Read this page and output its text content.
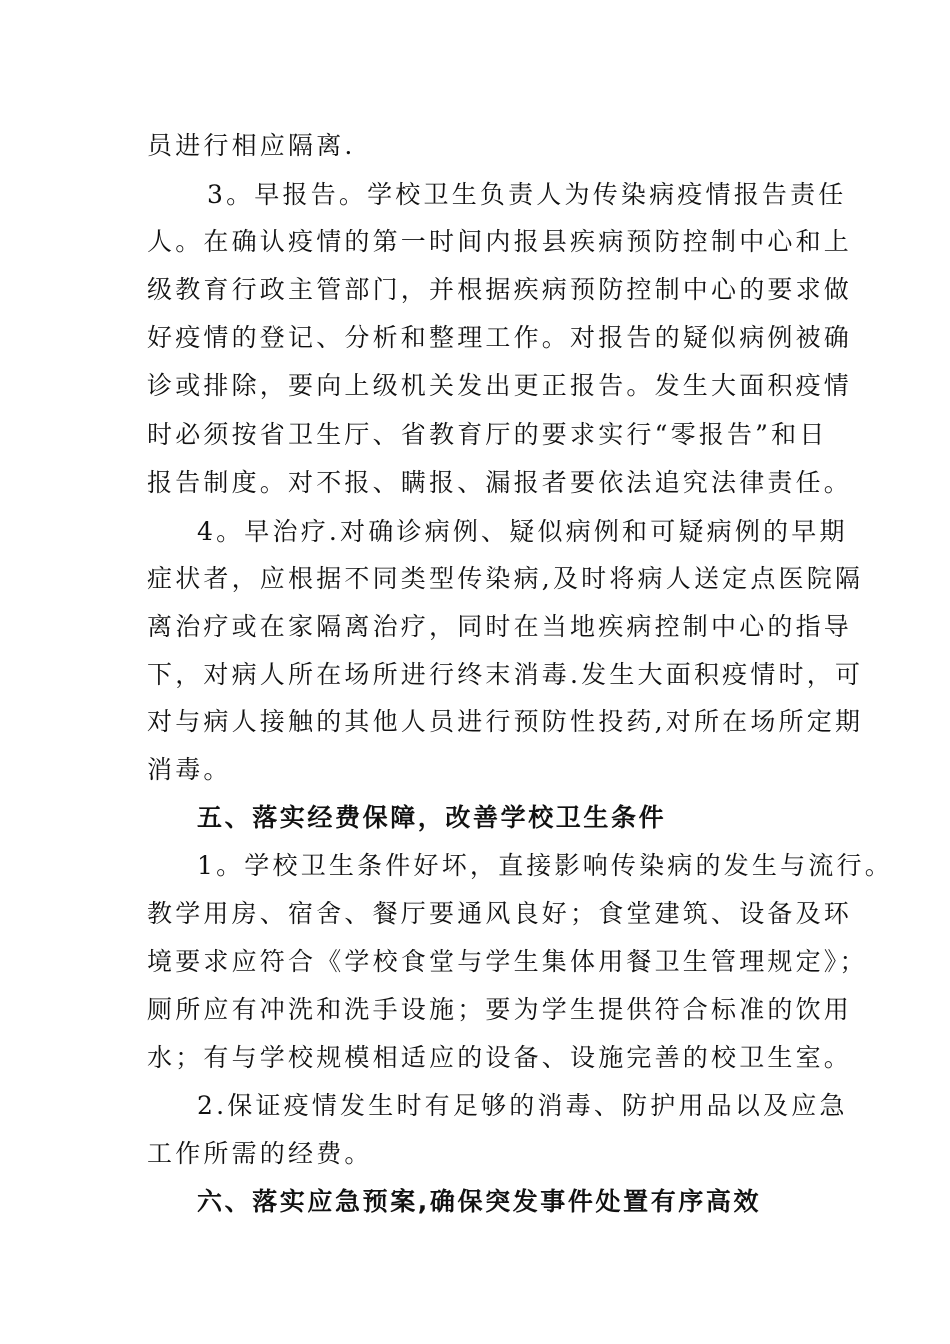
员进行相应隔离.
3。早报告。学校卫生负责人为传染病疫情报告责任
人。在确认疫情的第一时间内报县疾病预防控制中心和上
级教育行政主管部门，并根据疾病预防控制中心的要求做
好疫情的登记、分析和整理工作。对报告的疑似病例被确
诊或排除，要向上级机关发出更正报告。发生大面积疫情
时必须按省卫生厅、省教育厅的要求实行“零报告”和日
报告制度。对不报、瞒报、漏报者要依法追究法律责任。
4。早治疗.对确诊病例、疑似病例和可疑病例的早期
症状者，应根据不同类型传染病,及时将病人送定点医院隔
离治疗或在家隔离治疗，同时在当地疾病控制中心的指导
下，对病人所在场所进行终末消毒.发生大面积疫情时，可
对与病人接触的其他人员进行预防性投药,对所在场所定期
消毒。
五、落实经费保障，改善学校卫生条件
1。学校卫生条件好坏，直接影响传染病的发生与流行。
教学用房、宿舍、餐厅要通风良好；食堂建筑、设备及环
境要求应符合《学校食堂与学生集体用餐卫生管理规定》；
厕所应有冲洗和洗手设施；要为学生提供符合标准的饮用
水；有与学校规模相适应的设备、设施完善的校卫生室。
2.保证疫情发生时有足够的消毒、防护用品以及应急
工作所需的经费。
六、落实应急预案,确保突发事件处置有序高效
